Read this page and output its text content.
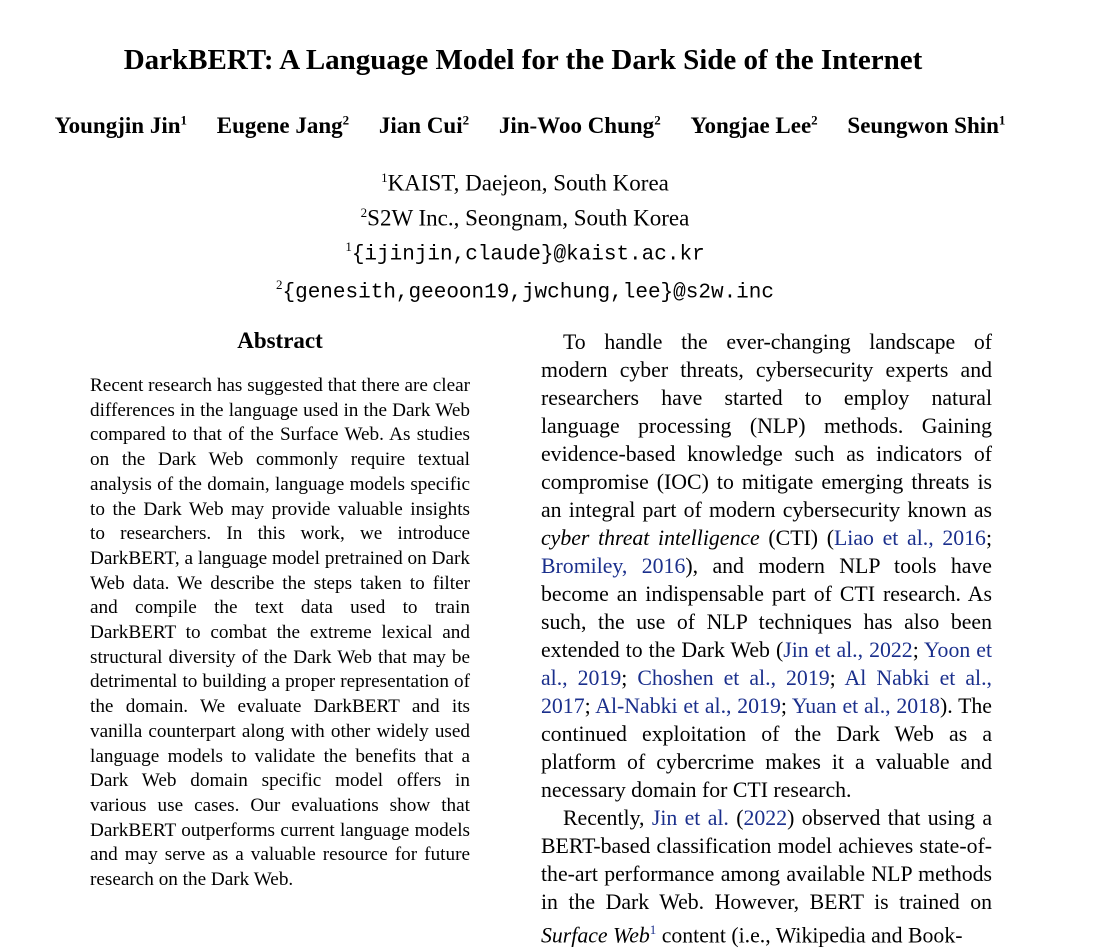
DarkBERT: A Language Model for the Dark Side of the Internet
Youngjin Jin$^1$ Eugene Jang$^2$ Jian Cui$^2$ Jin-Woo Chung$^2$ Yongjae Lee$^2$ Seungwon Shin$^1$
$^1$KAIST, Daejeon, South Korea
$^2$S2W Inc., Seongnam, South Korea
$^1${ijinjin,claude}@kaist.ac.kr
$^2${genesith,geeoon19,jwchung,lee}@s2w.inc
Abstract
Recent research has suggested that there are clear differences in the language used in the Dark Web compared to that of the Surface Web. As studies on the Dark Web commonly require textual analysis of the domain, language models specific to the Dark Web may provide valuable insights to researchers. In this work, we introduce DarkBERT, a language model pretrained on Dark Web data. We describe the steps taken to filter and compile the text data used to train DarkBERT to combat the extreme lexical and structural diversity of the Dark Web that may be detrimental to building a proper representation of the domain. We evaluate DarkBERT and its vanilla counterpart along with other widely used language models to validate the benefits that a Dark Web domain specific model offers in various use cases. Our evaluations show that DarkBERT outperforms current language models and may serve as a valuable resource for future research on the Dark Web.

To handle the ever-changing landscape of modern cyber threats, cybersecurity experts and researchers have started to employ natural language processing (NLP) methods. Gaining evidence-based knowledge such as indicators of compromise (IOC) to mitigate emerging threats is an integral part of modern cybersecurity known as cyber threat intelligence (CTI) (Liao et al., 2016; Bromiley, 2016), and modern NLP tools have become an indispensable part of CTI research. As such, the use of NLP techniques has also been extended to the Dark Web (Jin et al., 2022; Yoon et al., 2019; Choshen et al., 2019; Al Nabki et al., 2017; Al-Nabki et al., 2019; Yuan et al., 2018). The continued exploitation of the Dark Web as a platform of cybercrime makes it a valuable and necessary domain for CTI research.

Recently, Jin et al. (2022) observed that using a BERT-based classification model achieves state-of-the-art performance among available NLP methods in the Dark Web. However, BERT is trained on Surface Web$^1$ content (i.e., Wikipedia and Book-
